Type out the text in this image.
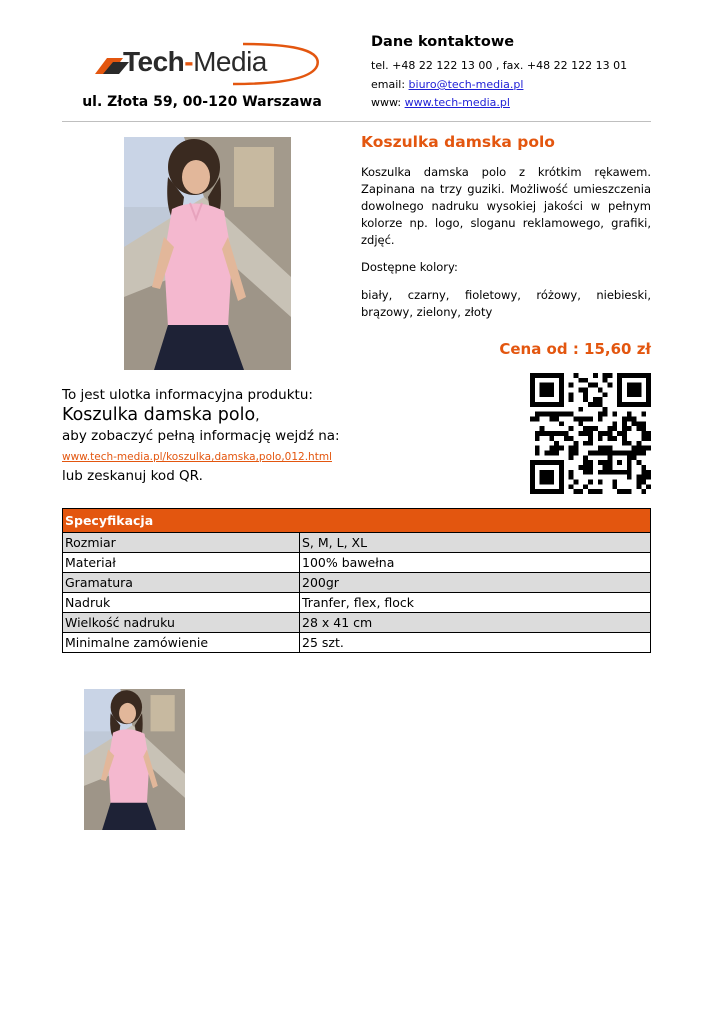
Tech-Media
ul. Złota 59, 00-120 Warszawa
Dane kontaktowe
tel. +48 22 122 13 00 , fax. +48 22 122 13 01
email: biuro@tech-media.pl
www: www.tech-media.pl
Koszulka damska polo
Koszulka damska polo z krótkim rękawem. Zapinana na trzy guziki. Możliwość umieszczenia dowolnego nadruku wysokiej jakości w pełnym kolorze np. logo, sloganu reklamowego, grafiki, zdjęć.
Dostępne kolory:
biały, czarny, fioletowy, różowy, niebieski, brązowy, zielony, złoty
Cena od : 15,60 zł
To jest ulotka informacyjna produktu:
Koszulka damska polo,
aby zobaczyć pełną informację wejdź na:
www.tech-media.pl/koszulka,damska,polo,012.html
lub zeskanuj kod QR.
Specyfikacja	
Rozmiar	S, M, L, XL
Materiał	100% bawełna
Gramatura	200gr
Nadruk	Tranfer, flex, flock
Wielkość nadruku	28 x 41 cm
Minimalne zamówienie	25 szt.
